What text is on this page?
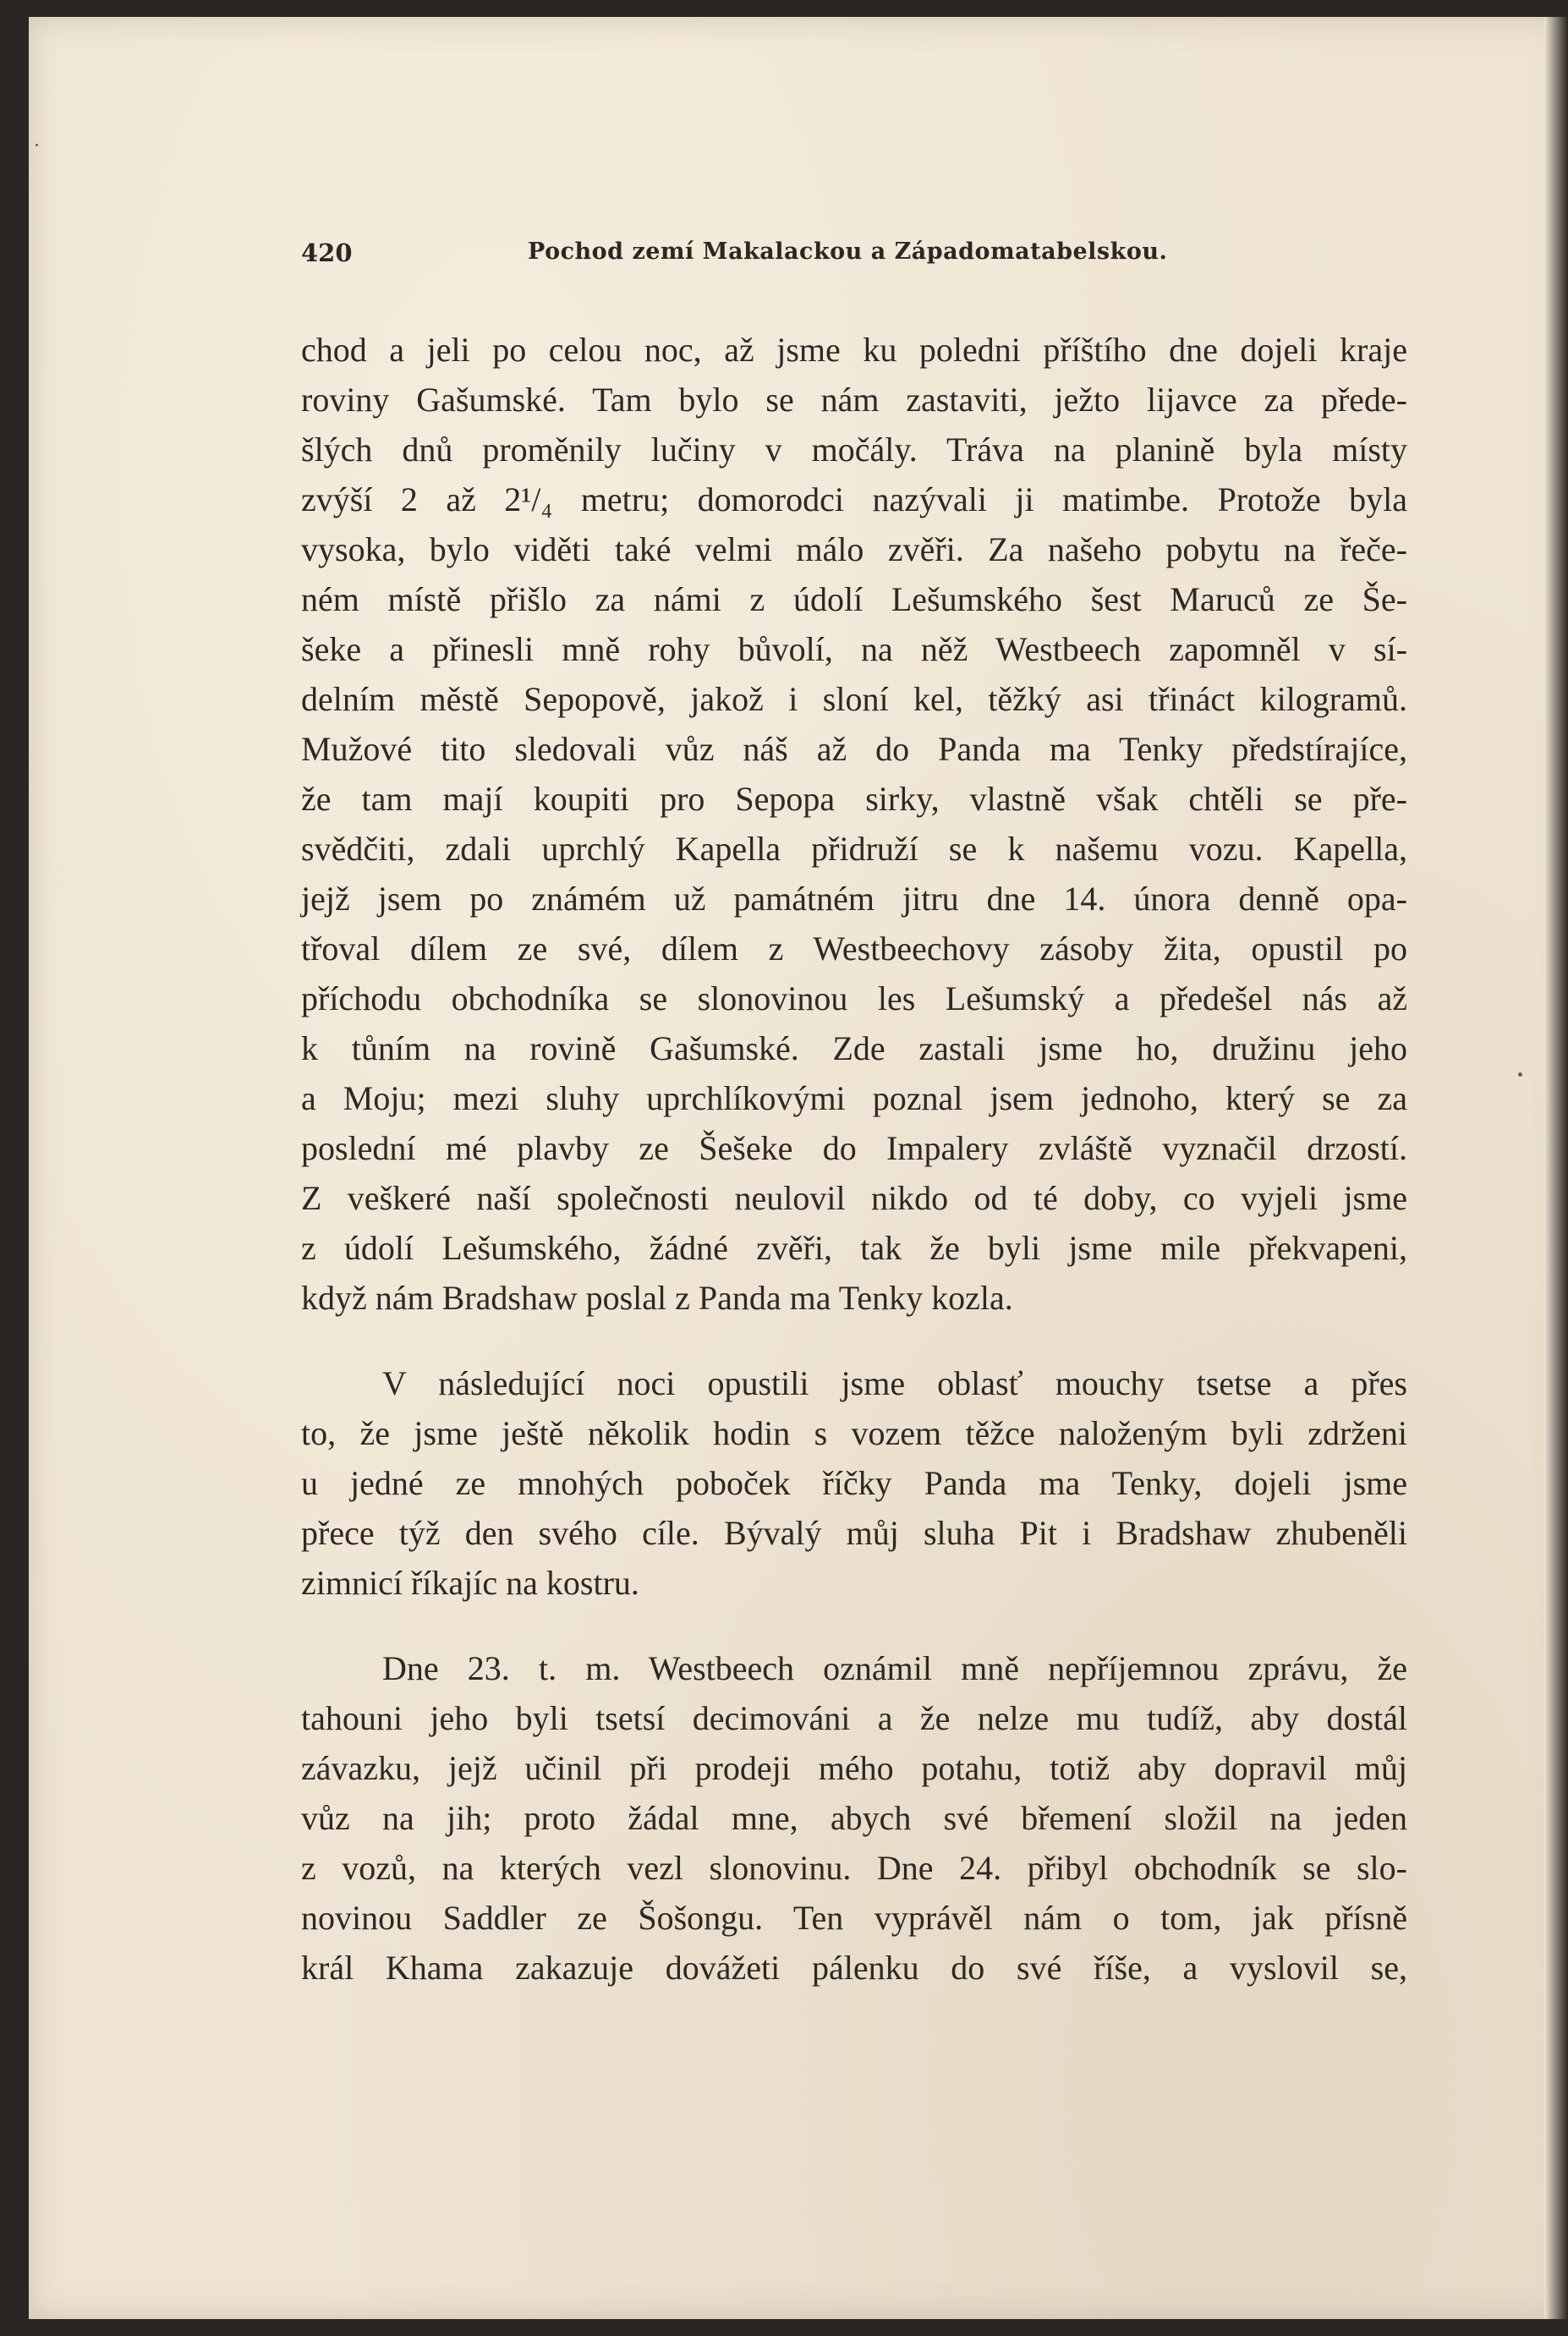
420	Pochod zemí Makalackou a Západomatabelskou.
chod a jeli po celou noc, až jsme ku poledni příštího dne dojeli kraje
roviny Gašumské. Tam bylo se nám zastaviti, ježto lijavce za přede-
šlých dnů proměnily lučiny v močály. Tráva na planině byla místy
zvýší 2 až 2¹/₄ metru; domorodci nazývali ji matimbe. Protože byla
vysoka, bylo viděti také velmi málo zvěři. Za našeho pobytu na řeče-
ném místě přišlo za námi z údolí Lešumského šest Maruců ze Še-
šeke a přinesli mně rohy bůvolí, na něž Westbeech zapomněl v sí-
delním městě Sepopově, jakož i sloní kel, těžký asi třináct kilogramů.
Mužové tito sledovali vůz náš až do Panda ma Tenky předstírajíce,
že tam mají koupiti pro Sepopa sirky, vlastně však chtěli se pře-
svědčiti, zdali uprchlý Kapella přidruží se k našemu vozu. Kapella,
jejž jsem po známém už památném jitru dne 14. února denně opa-
třoval dílem ze své, dílem z Westbeechovy zásoby žita, opustil po
příchodu obchodníka se slonovinou les Lešumský a předešel nás až
k tůním na rovině Gašumské. Zde zastali jsme ho, družinu jeho
a Moju; mezi sluhy uprchlíkovými poznal jsem jednoho, který se za
poslední mé plavby ze Šešeke do Impalery zvláště vyznačil drzostí.
Z veškeré naší společnosti neulovil nikdo od té doby, co vyjeli jsme
z údolí Lešumského, žádné zvěři, tak že byli jsme mile překvapeni,
když nám Bradshaw poslal z Panda ma Tenky kozla.
V následující noci opustili jsme oblasť mouchy tsetse a přes
to, že jsme ještě několik hodin s vozem těžce naloženým byli zdrženi
u jedné ze mnohých poboček říčky Panda ma Tenky, dojeli jsme
přece týž den svého cíle. Bývalý můj sluha Pit i Bradshaw zhubeněli
zimnicí říkajíc na kostru.
Dne 23. t. m. Westbeech oznámil mně nepříjemnou zprávu, že
tahouni jeho byli tsetsí decimováni a že nelze mu tudíž, aby dostál
závazku, jejž učinil při prodeji mého potahu, totiž aby dopravil můj
vůz na jih; proto žádal mne, abych své břemení složil na jeden
z vozů, na kterých vezl slonovinu. Dne 24. přibyl obchodník se slo-
novinou Saddler ze Šošongu. Ten vyprávěl nám o tom, jak přísně
král Khama zakazuje dovážeti pálenku do své říše, a vyslovil se,
